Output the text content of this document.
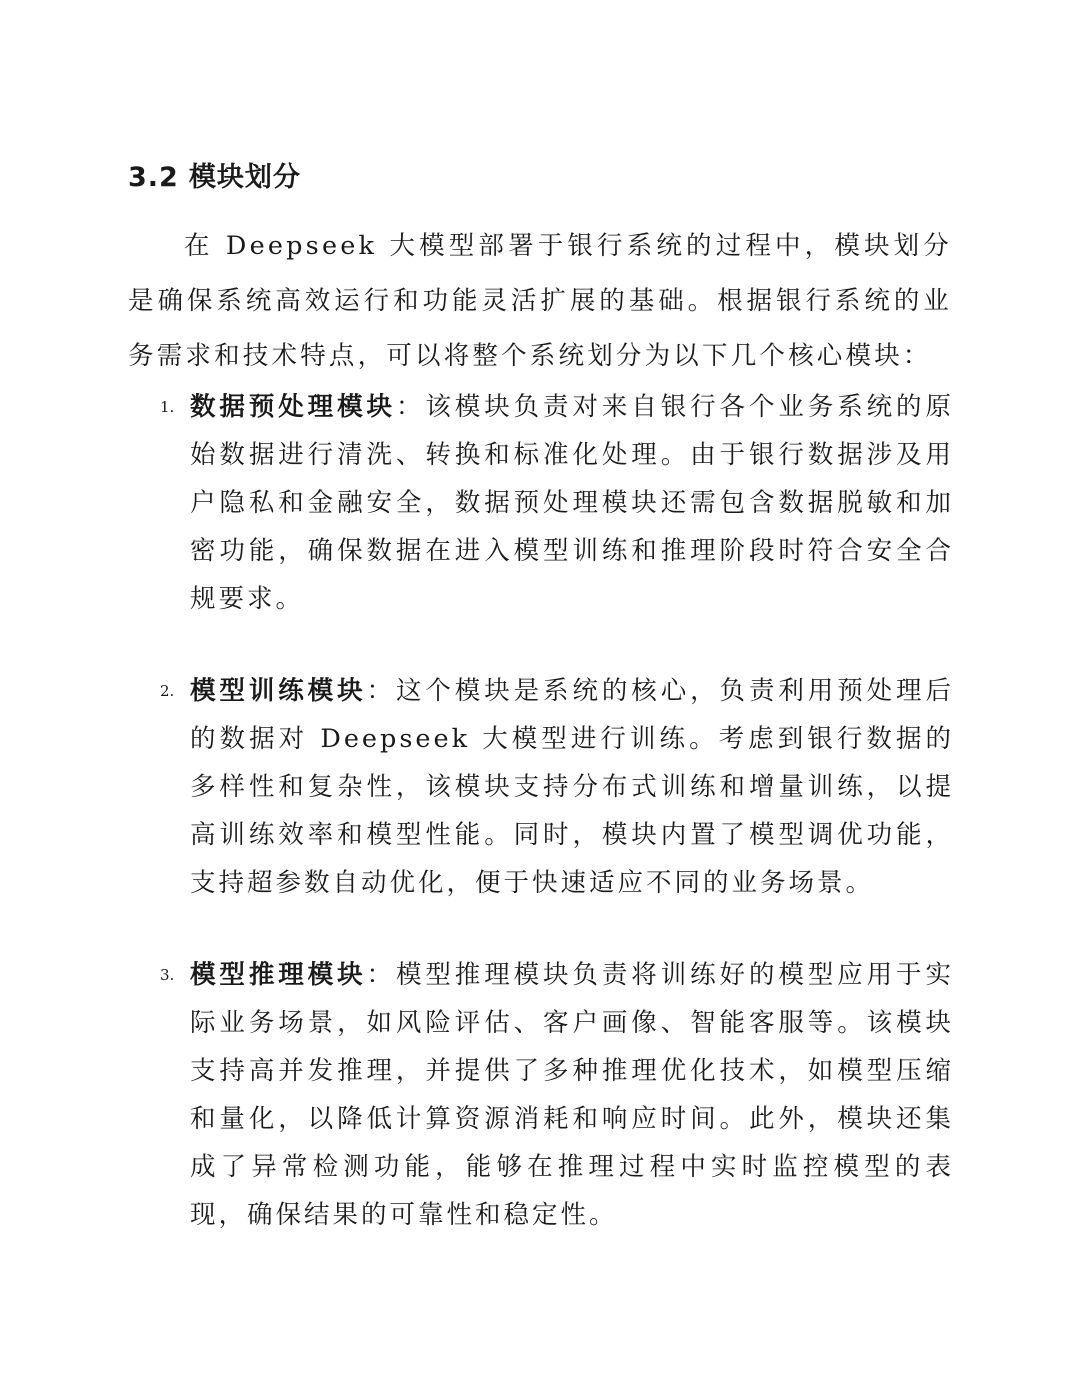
3.2 模块划分

在 Deepseek 大模型部署于银行系统的过程中，模块划分是确保系统高效运行和功能灵活扩展的基础。根据银行系统的业务需求和技术特点，可以将整个系统划分为以下几个核心模块：

1. 数据预处理模块：该模块负责对来自银行各个业务系统的原始数据进行清洗、转换和标准化处理。由于银行数据涉及用户隐私和金融安全，数据预处理模块还需包含数据脱敏和加密功能，确保数据在进入模型训练和推理阶段时符合安全合规要求。
2. 模型训练模块：这个模块是系统的核心，负责利用预处理后的数据对 Deepseek 大模型进行训练。考虑到银行数据的多样性和复杂性，该模块支持分布式训练和增量训练，以提高训练效率和模型性能。同时，模块内置了模型调优功能，支持超参数自动优化，便于快速适应不同的业务场景。
3. 模型推理模块：模型推理模块负责将训练好的模型应用于实际业务场景，如风险评估、客户画像、智能客服等。该模块支持高并发推理，并提供了多种推理优化技术，如模型压缩和量化，以降低计算资源消耗和响应时间。此外，模块还集成了异常检测功能，能够在推理过程中实时监控模型的表现，确保结果的可靠性和稳定性。
